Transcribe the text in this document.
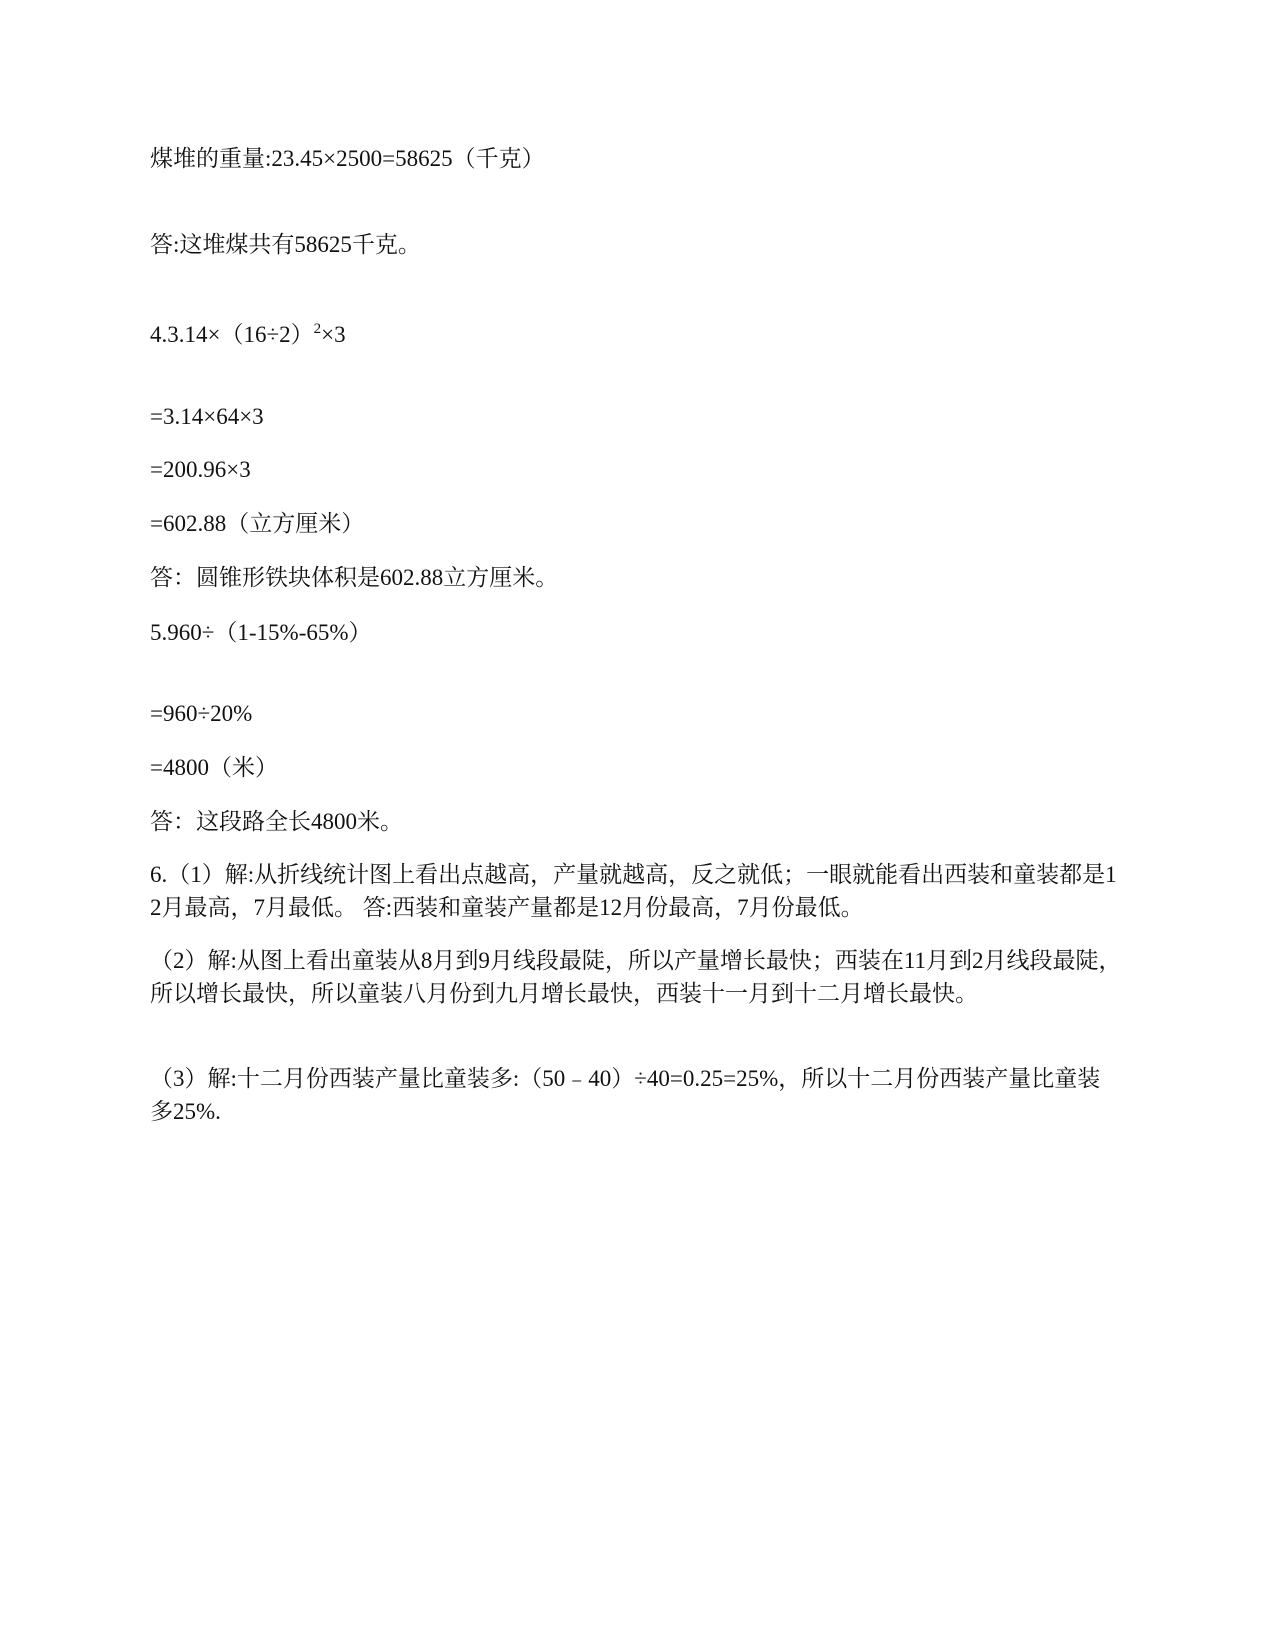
煤堆的重量:23.45×2500=58625（千克）
答:这堆煤共有58625千克。
$4.3.14\times(16\div 2)^2\times 3$
=3.14×64×3
=200.96×3
=602.88（立方厘米）
答：圆锥形铁块体积是602.88立方厘米。
5.960÷（1-15%-65%）
=960÷20%
=4800（米）
答：这段路全长4800米。
6.（1）解:从折线统计图上看出点越高，产量就越高，反之就低；一眼就能看出西装和童装都是12月最高，7月最低。 答:西装和童装产量都是12月份最高，7月份最低。
（2）解:从图上看出童装从8月到9月线段最陡，所以产量增长最快；西装在11月到2月线段最陡，所以增长最快，所以童装八月份到九月增长最快，西装十一月到十二月增长最快。
（3）解:十二月份西装产量比童装多:（50﹣40）÷40=0.25=25%，所以十二月份西装产量比童装多25%.
